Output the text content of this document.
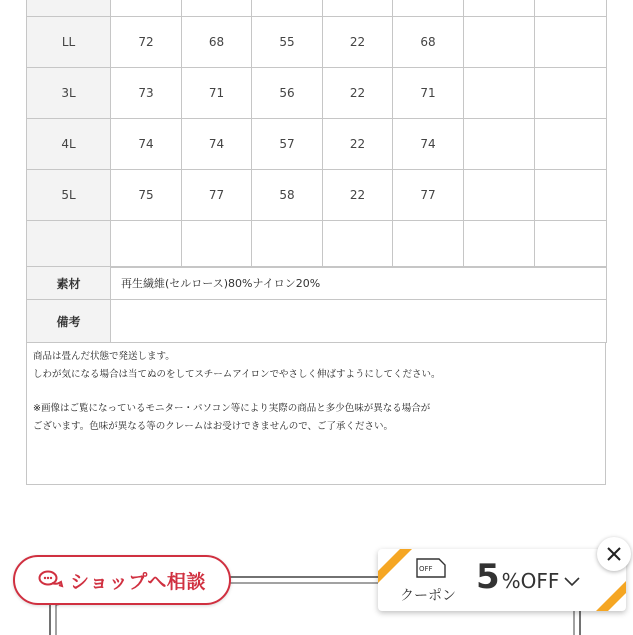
LL	72	68	55	22	68		
3L	73	71	56	22	71		
4L	74	74	57	22	74		
5L	75	77	58	22	77		

素材	再生繊維(セルロース)80%ナイロン20%
備考	

商品は畳んだ状態で発送します。

しわが気になる場合は当てぬのをしてスチームアイロンでやさしく伸ばすようにしてください。

※画像はご覧になっているモニター・パソコン等により実際の商品と多少色味が異なる場合が

ございます。色味が異なる等のクレームはお受けできませんので、ご了承ください。

ショップへ相談
OFF
クーポン 5 %OFF
